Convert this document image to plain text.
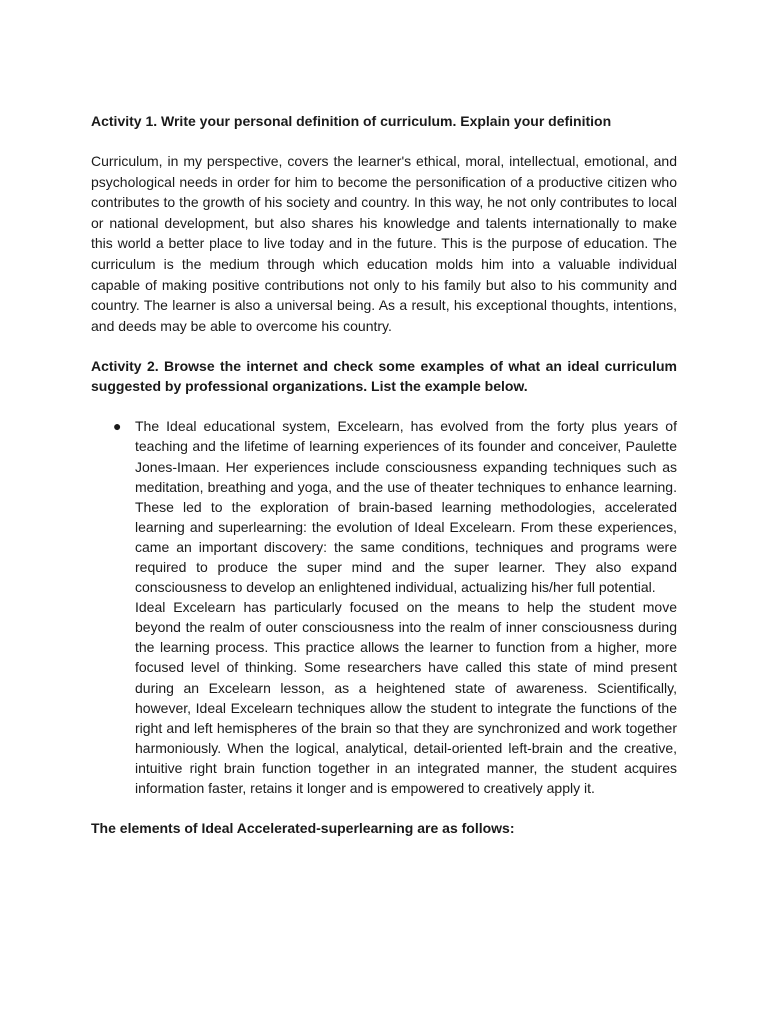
Activity 1. Write your personal definition of curriculum. Explain your definition

Curriculum, in my perspective, covers the learner's ethical, moral, intellectual, emotional, and psychological needs in order for him to become the personification of a productive citizen who contributes to the growth of his society and country. In this way, he not only contributes to local or national development, but also shares his knowledge and talents internationally to make this world a better place to live today and in the future. This is the purpose of education. The curriculum is the medium through which education molds him into a valuable individual capable of making positive contributions not only to his family but also to his community and country. The learner is also a universal being. As a result, his exceptional thoughts, intentions, and deeds may be able to overcome his country.

Activity 2. Browse the internet and check some examples of what an ideal curriculum suggested by professional organizations. List the example below.

● The Ideal educational system, Excelearn, has evolved from the forty plus years of teaching and the lifetime of learning experiences of its founder and conceiver, Paulette Jones-Imaan. Her experiences include consciousness expanding techniques such as meditation, breathing and yoga, and the use of theater techniques to enhance learning. These led to the exploration of brain-based learning methodologies, accelerated learning and superlearning: the evolution of Ideal Excelearn. From these experiences, came an important discovery: the same conditions, techniques and programs were required to produce the super mind and the super learner. They also expand consciousness to develop an enlightened individual, actualizing his/her full potential.

Ideal Excelearn has particularly focused on the means to help the student move beyond the realm of outer consciousness into the realm of inner consciousness during the learning process. This practice allows the learner to function from a higher, more focused level of thinking. Some researchers have called this state of mind present during an Excelearn lesson, as a heightened state of awareness. Scientifically, however, Ideal Excelearn techniques allow the student to integrate the functions of the right and left hemispheres of the brain so that they are synchronized and work together harmoniously. When the logical, analytical, detail-oriented left-brain and the creative, intuitive right brain function together in an integrated manner, the student acquires information faster, retains it longer and is empowered to creatively apply it.

The elements of Ideal Accelerated-superlearning are as follows:
